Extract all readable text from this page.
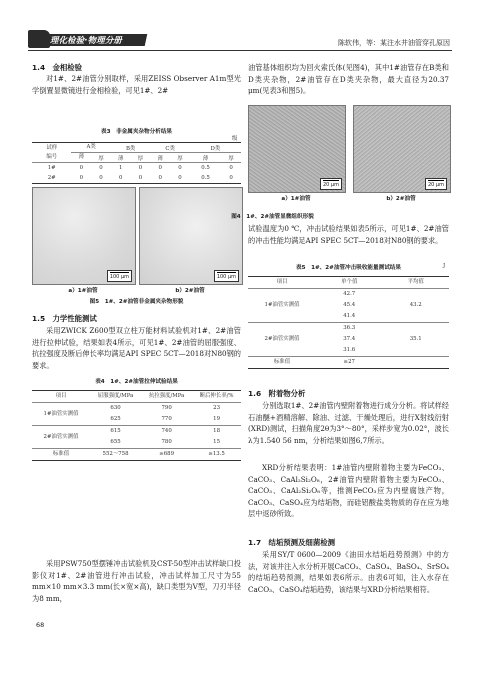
理化检验·物理分册	陈软伟，等：某注水井油管穿孔原因
1.4　金相检验
对1#、2#油管分别取样，采用ZEISS Observer A1m型光学倒置显微镜进行金相检验，可见1#、2#
表3　非金属夹杂物分析结果
级
试样
编号	A类		B类		C类		D类	
	薄	厚	薄	厚	薄	厚	薄	厚
1#	0	0	1	0	0	0	0.5	0
2#	0	0	0	0	0	0	0.5	0
100 μm	100 μm
a）1#油管	b）2#油管
图5　1#、2#油管非金属夹杂物形貌
1.5　力学性能测试
采用ZWICK Z600型双立柱万能材料试验机对1#、2#油管进行拉伸试验，结果如表4所示，可见1#、2#油管的屈服强度、抗拉强度及断后伸长率均满足API SPEC 5CT—2018对N80钢的要求。
表4　1#、2#油管拉伸试验结果
项目	屈服强度/MPa	抗拉强度/MPa	断后伸长率/%
1#油管实测值	630	790	23
	625	770	19
2#油管实测值	615	740	18
	655	780	15
标准值	552～758	≥689	≥13.5
采用PSW750型摆锤冲击试验机及CST-50型冲击试样缺口投影仪对1#、2#油管进行冲击试验，冲击试样加工尺寸为55 mm×10 mm×3.3 mm(长×宽×高)，缺口类型为V型，刀刃半径为8 mm，
68
油管基体组织均为回火索氏体(见图4)，其中1#油管存在B类和D类夹杂物，2#油管存在D类夹杂物，最大直径为20.37 μm(见表3和图5)。
20 μm	20 μm
a）1#油管	b）2#油管
图4　1#、2#油管显微组织形貌
试验温度为0 ℃，冲击试验结果如表5所示，可见1#、2#油管的冲击性能均满足API SPEC 5CT—2018对N80钢的要求。
表5　1#、2#油管冲击吸收能量测试结果	J
项目	单个值	平均值
1#油管实测值	42.7	43.2
	45.4	
	41.4	
2#油管实测值	36.3	35.1
	37.4	
	31.6	
标准值	≥27	
1.6　附着物分析
分别选取1#、2#油管内壁附着物进行成分分析。将试样经石油醚+酒精溶解、除油、过滤、干燥处理后，进行X射线衍射(XRD)测试，扫描角度2θ为3°～80°，采样步宽为0.02°，波长λ为1.540 56 nm，分析结果如图6,7所示。
XRD分析结果表明：1#油管内壁附着物主要为FeCO₃、CaCO₃、CaAl₂Si₂O₈，2#油管内壁附着物主要为FeCO₃、CaCO₃、CaAl₂Si₂O₈等，推测FeCO₃应为内壁腐蚀产物，CaCO₃、CaSO₄应为结垢物，而硅铝酸盐类物质的存在应为地层中返砂所致。
1.7　结垢预测及细菌检测
采用SY/T 0600—2009《油田水结垢趋势预测》中的方法，对该井注入水分析开展CaCO₃、CaSO₄、BaSO₄、SrSO₄的结垢趋势预测，结果如表6所示。由表6可知，注入水存在CaCO₃、CaSO₄结垢趋势，该结果与XRD分析结果相符。
